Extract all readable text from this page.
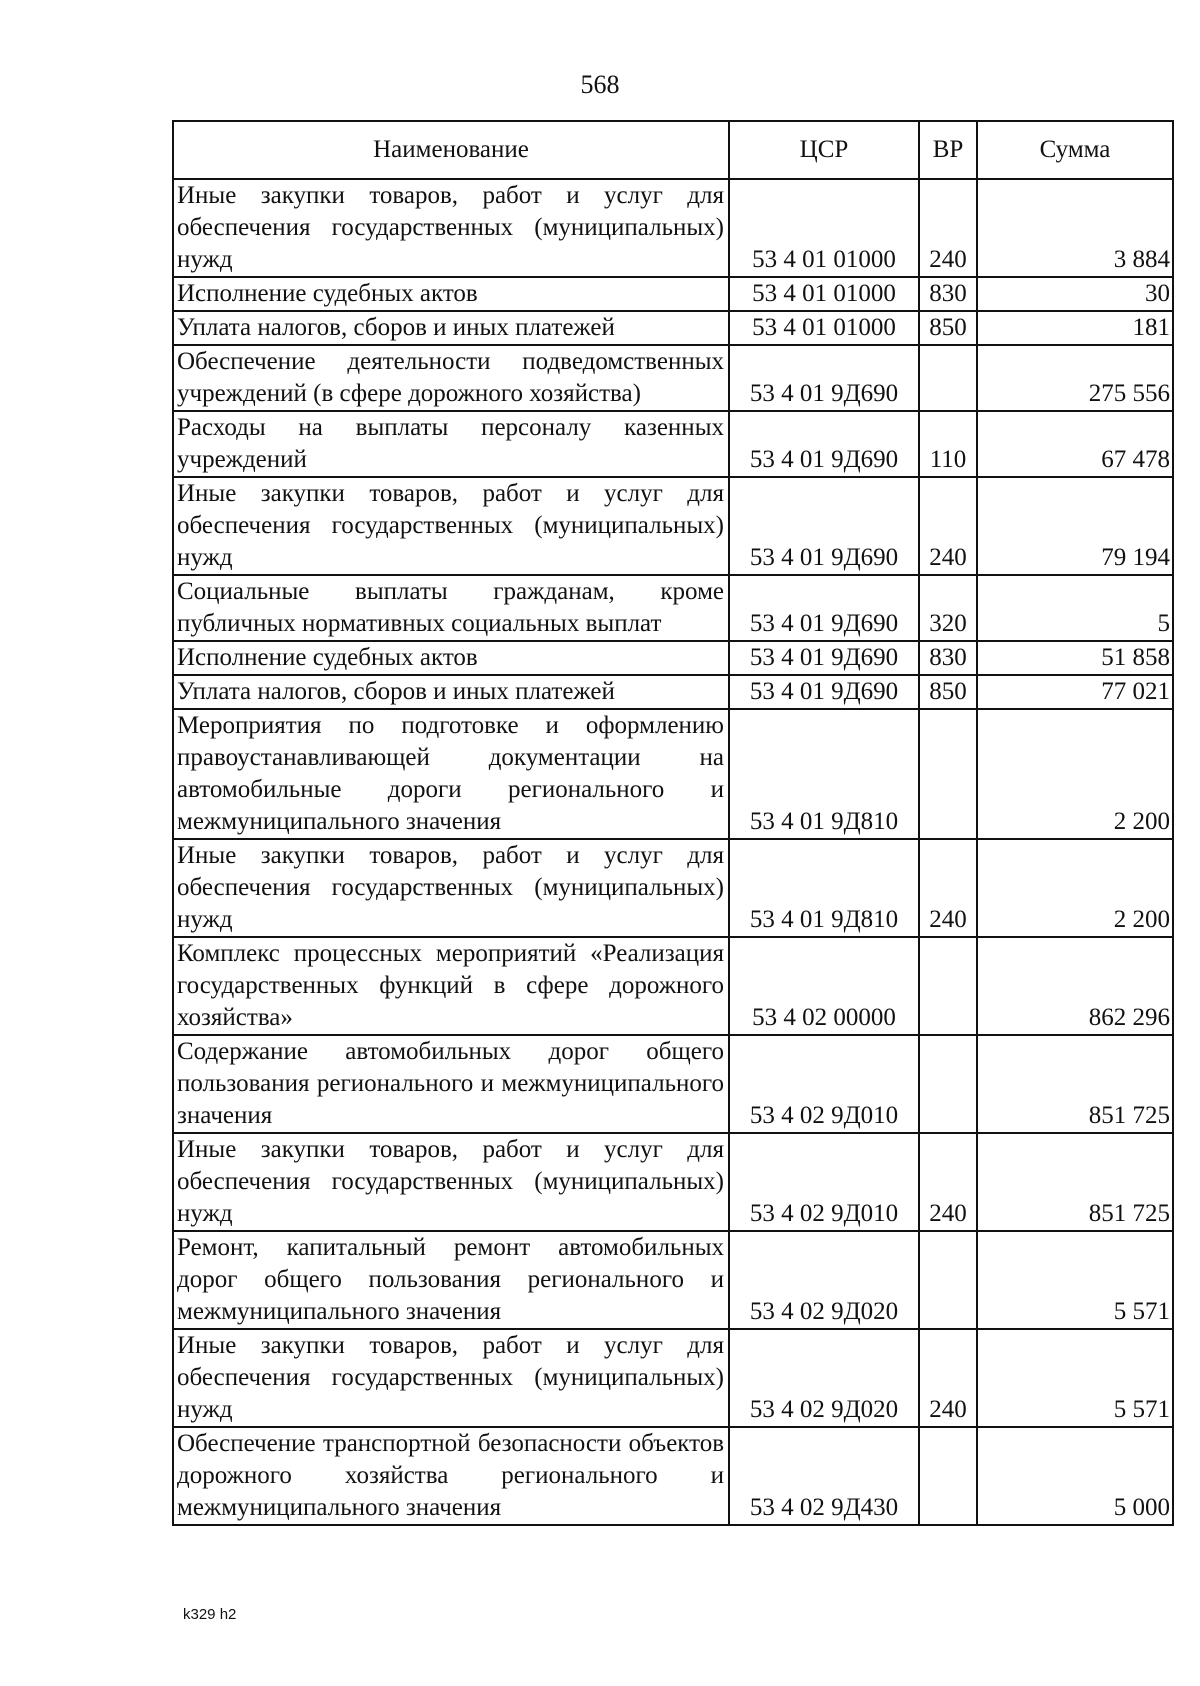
568
Наименование	ЦСР	ВР	Сумма
Иные закупки товаров, работ и услуг для обеспечения государственных (муниципальных) нужд	53 4 01 01000	240	3 884
Исполнение судебных актов	53 4 01 01000	830	30
Уплата налогов, сборов и иных платежей	53 4 01 01000	850	181
Обеспечение деятельности подведомственных учреждений (в сфере дорожного хозяйства)	53 4 01 9Д690		275 556
Расходы на выплаты персоналу казенных учреждений	53 4 01 9Д690	110	67 478
Иные закупки товаров, работ и услуг для обеспечения государственных (муниципальных) нужд	53 4 01 9Д690	240	79 194
Социальные выплаты гражданам, кроме публичных нормативных социальных выплат	53 4 01 9Д690	320	5
Исполнение судебных актов	53 4 01 9Д690	830	51 858
Уплата налогов, сборов и иных платежей	53 4 01 9Д690	850	77 021
Мероприятия по подготовке и оформлению правоустанавливающей документации на автомобильные дороги регионального и межмуниципального значения	53 4 01 9Д810		2 200
Иные закупки товаров, работ и услуг для обеспечения государственных (муниципальных) нужд	53 4 01 9Д810	240	2 200
Комплекс процессных мероприятий «Реализация государственных функций в сфере дорожного хозяйства»	53 4 02 00000		862 296
Содержание автомобильных дорог общего пользования регионального и межмуниципального значения	53 4 02 9Д010		851 725
Иные закупки товаров, работ и услуг для обеспечения государственных (муниципальных) нужд	53 4 02 9Д010	240	851 725
Ремонт, капитальный ремонт автомобильных дорог общего пользования регионального и межмуниципального значения	53 4 02 9Д020		5 571
Иные закупки товаров, работ и услуг для обеспечения государственных (муниципальных) нужд	53 4 02 9Д020	240	5 571
Обеспечение транспортной безопасности объектов дорожного хозяйства регионального и межмуниципального значения	53 4 02 9Д430		5 000
k329 h2
